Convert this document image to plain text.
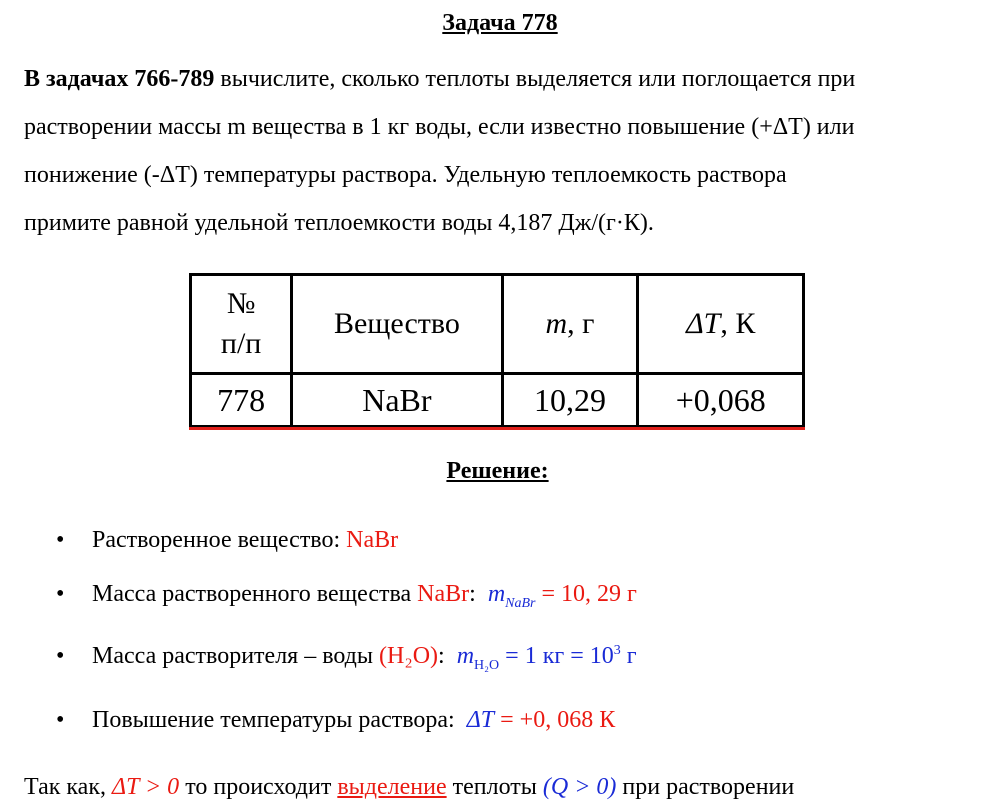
Задача 778
В задачах 766-789 вычислите, сколько теплоты выделяется или поглощается при
растворении массы m вещества в 1 кг воды, если известно повышение (+ΔT) или
понижение (-ΔT) температуры раствора. Удельную теплоемкость раствора
примите равной удельной теплоемкости воды 4,187 Дж/(г·К).
№
п/п	Вещество	m, г	ΔT, К
778	NaBr	10,29	+0,068
Решение:
• Растворенное вещество: NaBr
• Масса растворенного вещества NaBr: $m_{NaBr} = 10$, 29 г
• Масса растворителя – воды (H₂O): $m_{H_2O} = 1$ кг = $10^3$ г
• Повышение температуры раствора:  ΔT = +0, 068 К
Так как, ΔT > 0 то происходит выделение теплоты (Q > 0) при растворении
